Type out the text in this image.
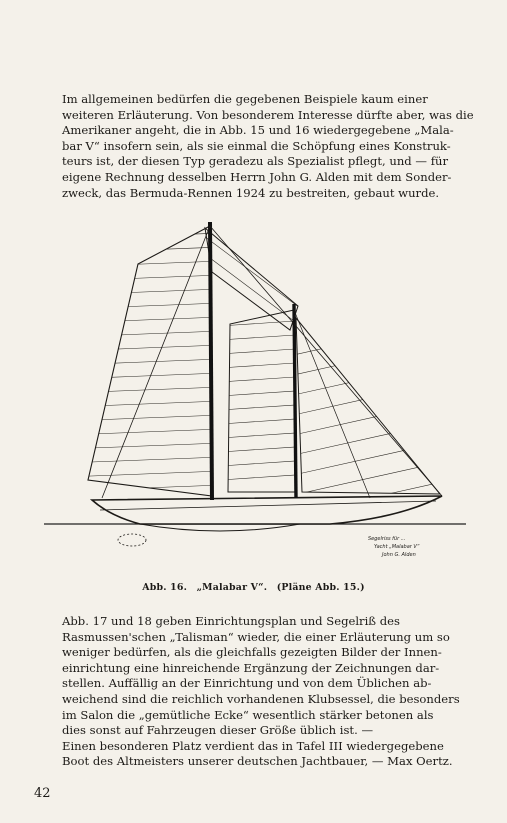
Im allgemeinen bedürfen die gegebenen Beispiele kaum einer
weiteren Erläuterung. Von besonderem Interesse dürfte aber, was die
Amerikaner angeht, die in Abb. 15 und 16 wiedergegebene „Mala-
bar V“ insofern sein, als sie einmal die Schöpfung eines Konstruk-
teurs ist, der diesen Typ geradezu als Spezialist pflegt, und — für
eigene Rechnung desselben Herrn John G. Alden mit dem Sonder-
zweck, das Bermuda-Rennen 1924 zu bestreiten, gebaut wurde.

Segelriss für ...
Yacht „Malabar V“
John G. Alden
Abb. 16. „Malabar V“. (Pläne Abb. 15.)

Abb. 17 und 18 geben Einrichtungsplan und Segelriß des
Rasmussen'schen „Talisman“ wieder, die einer Erläuterung um so
weniger bedürfen, als die gleichfalls gezeigten Bilder der Innen-
einrichtung eine hinreichende Ergänzung der Zeichnungen dar-
stellen. Auffällig an der Einrichtung und von dem Üblichen ab-
weichend sind die reichlich vorhandenen Klubsessel, die besonders
im Salon die „gemütliche Ecke“ wesentlich stärker betonen als
dies sonst auf Fahrzeugen dieser Größe üblich ist. —
Einen besonderen Platz verdient das in Tafel III wiedergegebene
Boot des Altmeisters unserer deutschen Jachtbauer, — Max Oertz.

42
